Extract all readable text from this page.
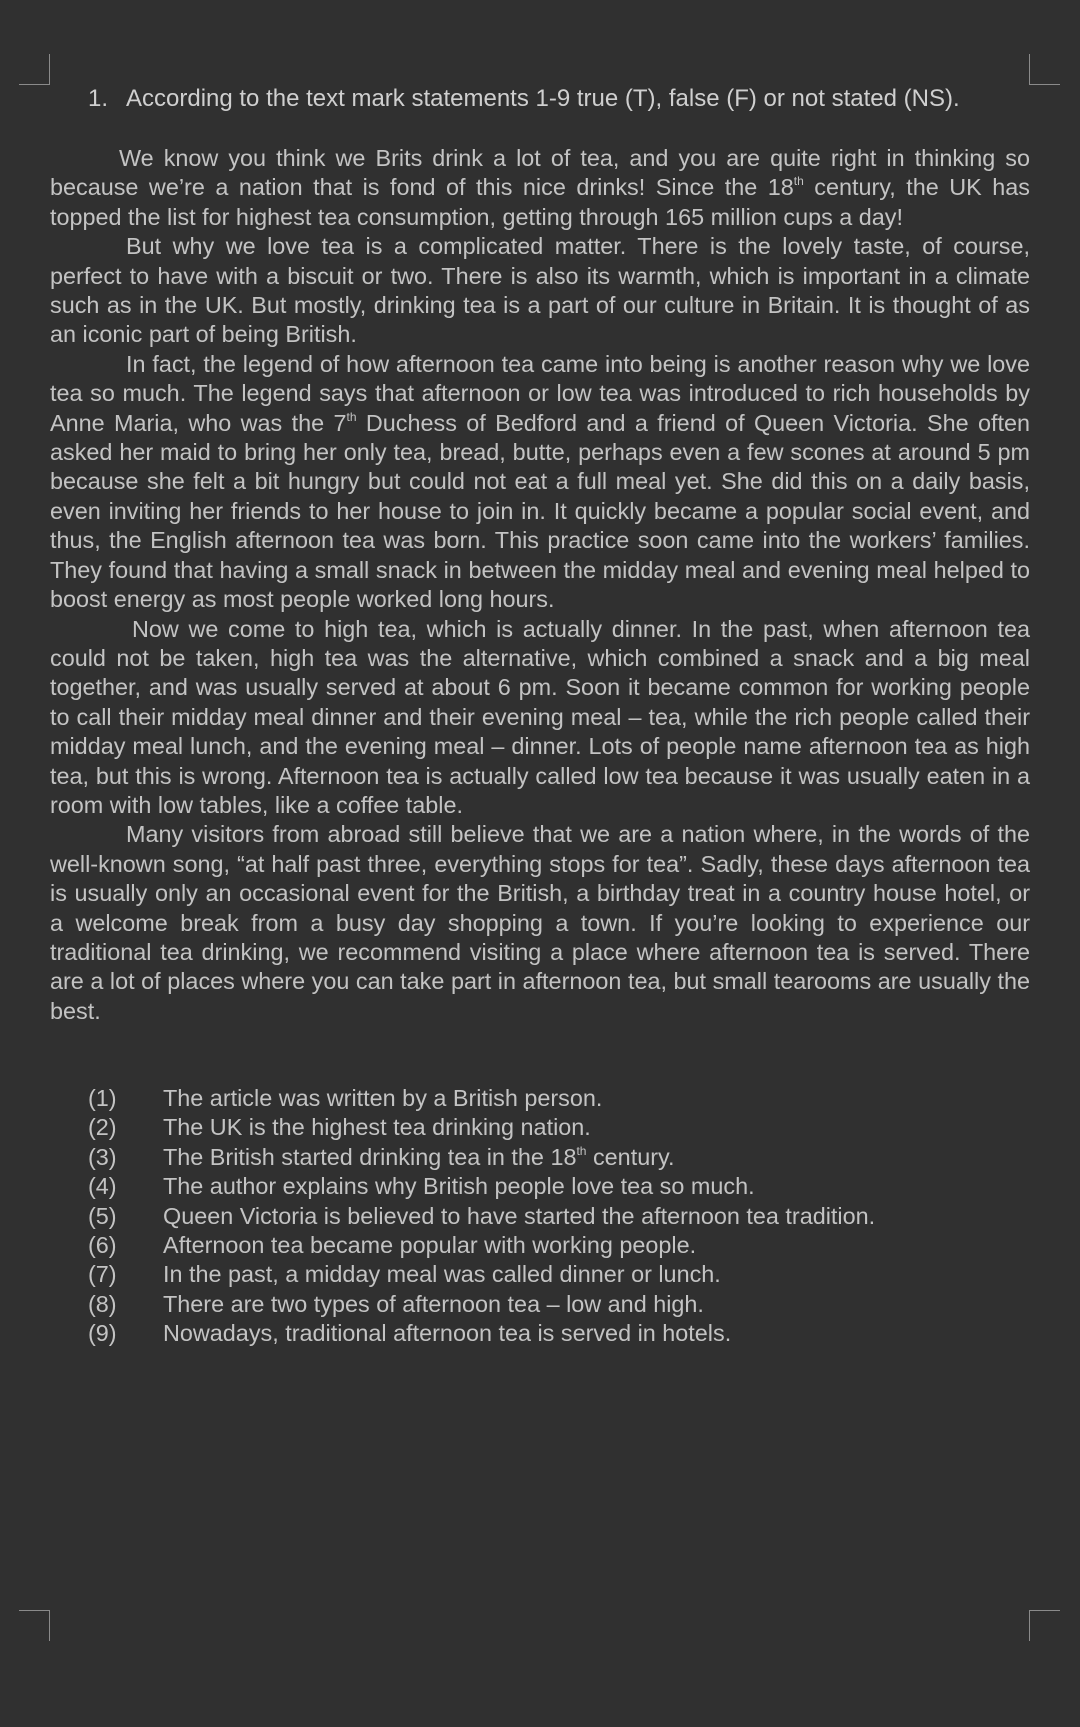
1. According to the text mark statements 1-9 true (T), false (F) or not stated (NS).

We know you think we Brits drink a lot of tea, and you are quite right in thinking so because we’re a nation that is fond of this nice drinks! Since the 18th century, the UK has topped the list for highest tea consumption, getting through 165 million cups a day!

But why we love tea is a complicated matter. There is the lovely taste, of course, perfect to have with a biscuit or two. There is also its warmth, which is important in a climate such as in the UK. But mostly, drinking tea is a part of our culture in Britain. It is thought of as an iconic part of being British.

In fact, the legend of how afternoon tea came into being is another reason why we love tea so much. The legend says that afternoon or low tea was introduced to rich households by Anne Maria, who was the 7th Duchess of Bedford and a friend of Queen Victoria. She often asked her maid to bring her only tea, bread, butte, perhaps even a few scones at around 5 pm because she felt a bit hungry but could not eat a full meal yet. She did this on a daily basis, even inviting her friends to her house to join in. It quickly became a popular social event, and thus, the English afternoon tea was born. This practice soon came into the workers’ families. They found that having a small snack in between the midday meal and evening meal helped to boost energy as most people worked long hours.

Now we come to high tea, which is actually dinner. In the past, when afternoon tea could not be taken, high tea was the alternative, which combined a snack and a big meal together, and was usually served at about 6 pm. Soon it became common for working people to call their midday meal dinner and their evening meal – tea, while the rich people called their midday meal lunch, and the evening meal – dinner. Lots of people name afternoon tea as high tea, but this is wrong. Afternoon tea is actually called low tea because it was usually eaten in a room with low tables, like a coffee table.

Many visitors from abroad still believe that we are a nation where, in the words of the well-known song, “at half past three, everything stops for tea”. Sadly, these days afternoon tea is usually only an occasional event for the British, a birthday treat in a country house hotel, or a welcome break from a busy day shopping a town. If you’re looking to experience our traditional tea drinking, we recommend visiting a place where afternoon tea is served. There are a lot of places where you can take part in afternoon tea, but small tearooms are usually the best.

(1)	The article was written by a British person.
(2)	The UK is the highest tea drinking nation.
(3)	The British started drinking tea in the 18th century.
(4)	The author explains why British people love tea so much.
(5)	Queen Victoria is believed to have started the afternoon tea tradition.
(6)	Afternoon tea became popular with working people.
(7)	In the past, a midday meal was called dinner or lunch.
(8)	There are two types of afternoon tea – low and high.
(9)	Nowadays, traditional afternoon tea is served in hotels.
